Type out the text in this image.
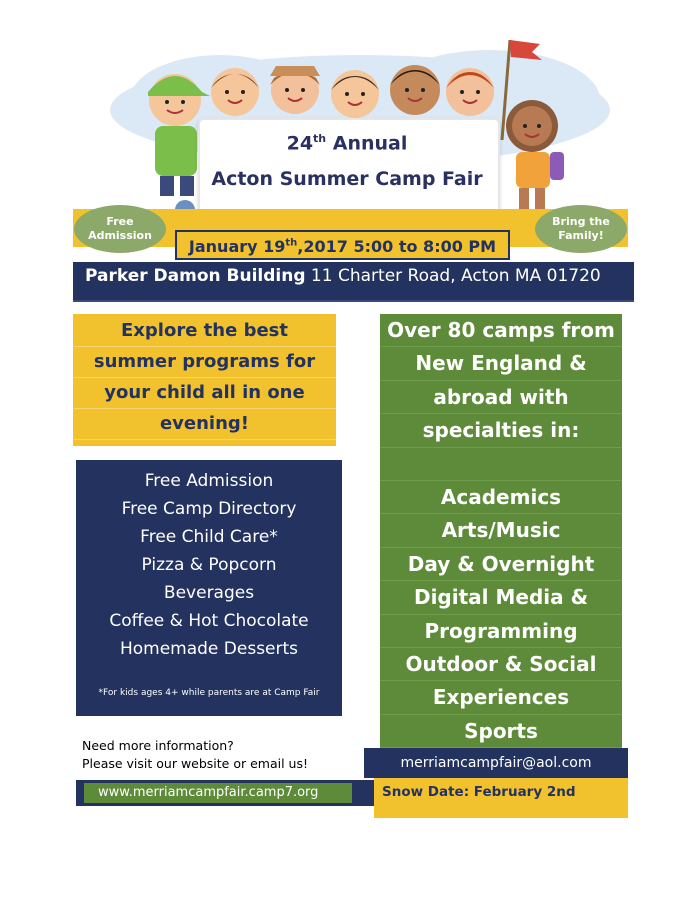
24th Annual
Acton Summer Camp Fair
Free Admission
Bring the Family!
January 19th,2017 5:00 to 8:00 PM
Parker Damon Building 11 Charter Road, Acton MA 01720
Explore the best
summer programs for
your child all in one
evening!
Free Admission
Free Camp Directory
Free Child Care*
Pizza & Popcorn
Beverages
Coffee & Hot Chocolate
Homemade Desserts
*For kids ages 4+ while parents are at Camp Fair
Over 80 camps from
New England &
abroad with
specialties in:
Academics
Arts/Music
Day & Overnight
Digital Media &
Programming
Outdoor & Social
Experiences
Sports
Need more information?
Please visit our website or email us!
www.merriamcampfair.camp7.org
merriamcampfair@aol.com
Snow Date: February 2nd
